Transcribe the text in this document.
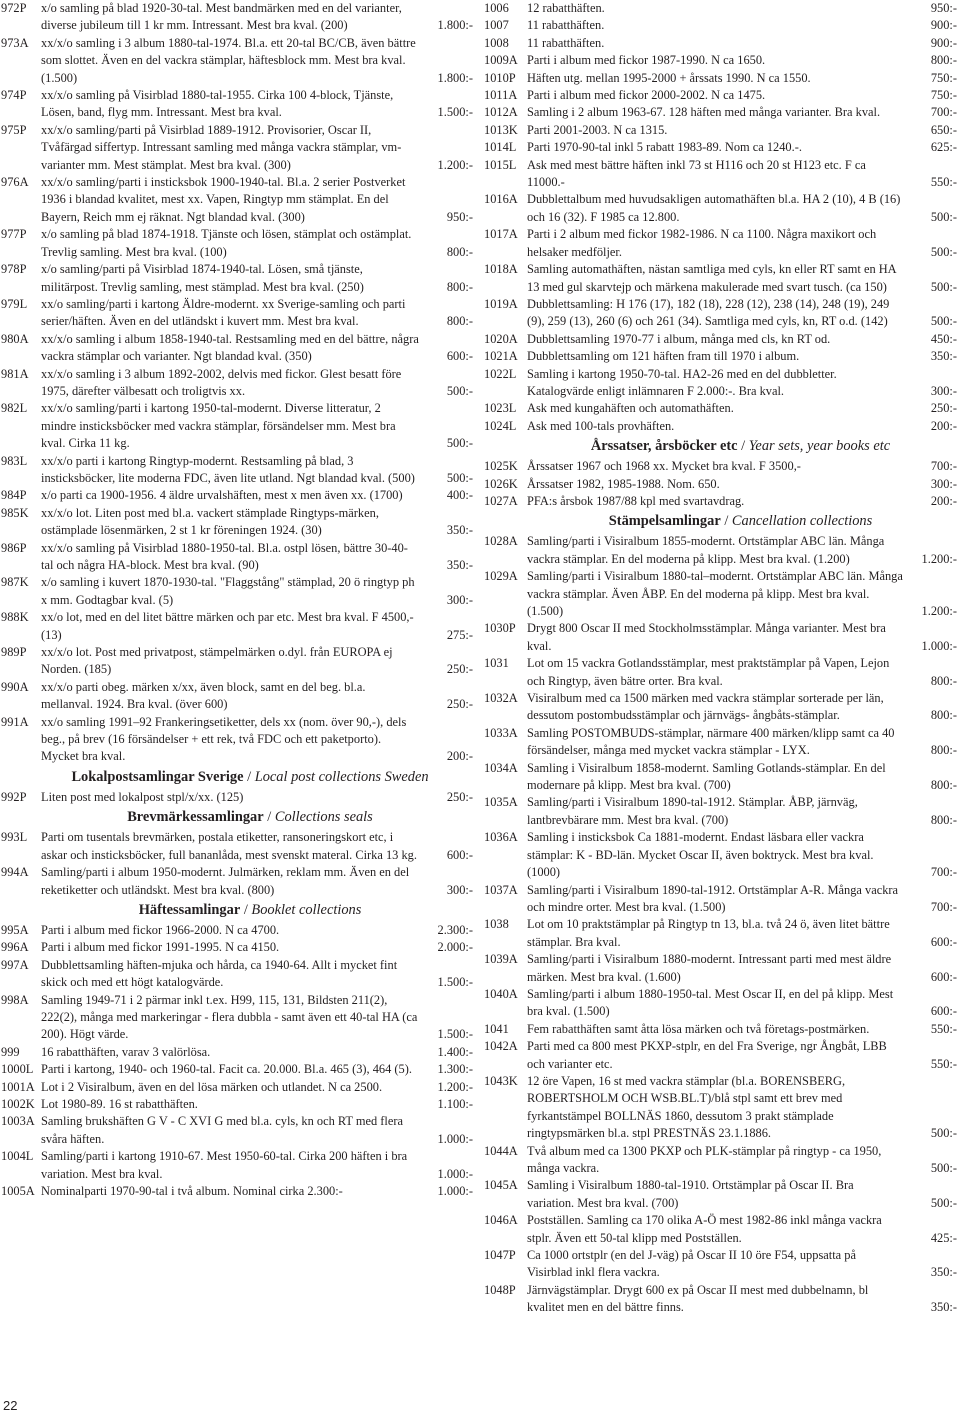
972P	x/o samling på blad 1920-30-tal. Mest bandmärken med en del varianter, diverse jubileum till 1 kr mm. Intressant. Mest bra kval. (200)	1.800:-
973A	xx/x/o samling i 3 album 1880-tal-1974. Bl.a. ett 20-tal BC/CB, även bättre som slottet. Även en del vackra stämplar, häftesblock mm. Mest bra kval. (1.500)	1.800:-
974P	xx/x/o samling på Visirblad 1880-tal-1955. Cirka 100 4-block, Tjänste, Lösen, band, flyg mm. Intressant. Mest bra kval.	1.500:-
975P	xx/x/o samling/parti på Visirblad 1889-1912. Provisorier, Oscar II, Tvåfärgad siffertyp. Intressant samling med många vackra stämplar, vm-varianter mm. Mest stämplat. Mest bra kval. (300)	1.200:-
976A	xx/x/o samling/parti i insticksbok 1900-1940-tal. Bl.a. 2 serier Postverket 1936 i blandad kvalitet, mest xx. Vapen, Ringtyp mm stämplat. En del Bayern, Reich mm ej räknat. Ngt blandad kval. (300)	950:-
977P	x/o samling på blad 1874-1918. Tjänste och lösen, stämplat och ostämplat. Trevlig samling. Mest bra kval. (100)	800:-
978P	x/o samling/parti på Visirblad 1874-1940-tal. Lösen, små tjänste, militärpost. Trevlig samling, mest stämplad. Mest bra kval. (250)	800:-
979L	xx/o samling/parti i kartong Äldre-modernt. xx Sverige-samling och parti serier/häften. Även en del utländskt i kuvert mm. Mest bra kval.	800:-
980A	xx/x/o samling i album 1858-1940-tal. Restsamling med en del bättre, några vackra stämplar och varianter. Ngt blandad kval. (350)	600:-
981A	xx/x/o samling i 3 album 1892-2002, delvis med fickor. Glest besatt före 1975, därefter välbesatt och troligtvis xx.	500:-
982L	xx/x/o samling/parti i kartong 1950-tal-modernt. Diverse litteratur, 2 mindre insticksböcker med vackra stämplar, försändelser mm. Mest bra kval. Cirka 11 kg.	500:-
983L	xx/x/o parti i kartong Ringtyp-modernt. Restsamling på blad, 3 insticksböcker, lite moderna FDC, även lite utland. Ngt blandad kval. (500)	500:-
984P	x/o parti ca 1900-1956. 4 äldre urvalshäften, mest x men även xx. (1700)	400:-
985K	xx/x/o lot. Liten post med bl.a. vackert stämplade Ringtyps-märken, ostämplade lösenmärken, 2 st 1 kr föreningen 1924. (30)	350:-
986P	xx/x/o samling på Visirblad 1880-1950-tal. Bl.a. ostpl lösen, bättre 30-40-tal och några HA-block. Mest bra kval. (90)	350:-
987K	x/o samling i kuvert 1870-1930-tal. "Flaggstång" stämplad, 20 ö ringtyp ph x mm. Godtagbar kval. (5)	300:-
988K	xx/o lot, med en del litet bättre märken och par etc. Mest bra kval. F 4500,- (13)	275:-
989P	xx/x/o lot. Post med privatpost, stämpelmärken o.dyl. från EUROPA ej Norden. (185)	250:-
990A	xx/x/o parti obeg. märken x/xx, även block, samt en del beg. bl.a. mellanval. 1924. Bra kval. (över 600)	250:-
991A	xx/o samling 1991–92 Frankeringsetiketter, dels xx (nom. över 90,-), dels beg., på brev (16 försändelser + ett rek, två FDC och ett paketporto). Mycket bra kval.	200:-
Lokalpostsamlingar Sverige / Local post collections Sweden
992P	Liten post med lokalpost stpl/x/xx. (125)	250:-
Brevmärkessamlingar / Collections seals
993L	Parti om tusentals brevmärken, postala etiketter, ransoneringskort etc, i askar och insticksböcker, full bananlåda, mest svenskt materal. Cirka 13 kg. 600:-
994A	Samling/parti i album 1950-modernt. Julmärken, reklam mm. Även en del reketiketter och utländskt. Mest bra kval. (800)	300:-
Häftessamlingar / Booklet collections
995A	Parti i album med fickor 1966-2000. N ca 4700.	2.300:-
996A	Parti i album med fickor 1991-1995. N ca 4150.	2.000:-
997A	Dubblettsamling häften-mjuka och hårda, ca 1940-64. Allt i mycket fint skick och med ett högt katalogvärde.	1.500:-
998A	Samling 1949-71 i 2 pärmar inkl t.ex. H99, 115, 131, Bildsten 211(2), 222(2), många med markeringar - flera dubbla - samt även ett 40-tal HA (ca 200). Högt värde.	1.500:-
999	16 rabatthäften, varav 3 valörlösa.	1.400:-
1000L Parti i kartong, 1940- och 1960-tal. Facit ca. 20.000. Bl.a. 465 (3), 464 (5). 1.300:-
1001A Lot i 2 Visiralbum, även en del lösa märken och utlandet. N ca 2500.	1.200:-
1002K Lot 1980-89. 16 st rabatthäften.	1.100:-
1003A Samling brukshäften G V - C XVI G med bl.a. cyls, kn och RT med flera svåra häften.	1.000:-
1004L Samling/parti i kartong 1910-67. Mest 1950-60-tal. Cirka 200 häften i bra variation. Mest bra kval.	1.000:-
1005A Nominalparti 1970-90-tal i två album. Nominal cirka 2.300:-	1.000:-
1006	12 rabatthäften.	950:-
1007	11 rabatthäften.	900:-
1008	11 rabatthäften.	900:-
1009A Parti i album med fickor 1987-1990. N ca 1650.	800:-
1010P Häften utg. mellan 1995-2000 + årssats 1990. N ca 1550.	750:-
1011A Parti i album med fickor 2000-2002. N ca 1475.	750:-
1012A Samling i 2 album 1963-67. 128 häften med många varianter. Bra kval.	700:-
1013K Parti 2001-2003. N ca 1315.	650:-
1014L Parti 1970-90-tal inkl 5 rabatt 1983-89. Nom ca 1240.-.	625:-
1015L Ask med mest bättre häften inkl 73 st H116 och 20 st H123 etc. F ca 11000.-	550:-
1016A Dubblettalbum med huvudsakligen automathäften bl.a. HA 2 (10), 4 B (16) och 16 (32). F 1985 ca 12.800.	500:-
1017A Parti i 2 album med fickor 1982-1986. N ca 1100. Några maxikort och helsaker medföljer.	500:-
1018A Samling automathäften, nästan samtliga med cyls, kn eller RT samt en HA 13 med gul skarvtejp och märkena makulerade med svart tusch. (ca 150)	500:-
1019A Dubblettsamling: H 176 (17), 182 (18), 228 (12), 238 (14), 248 (19), 249 (9), 259 (13), 260 (6) och 261 (34). Samtliga med cyls, kn, RT o.d. (142)	500:-
1020A Dubblettsamling 1970-77 i album, många med cls, kn RT od.	450:-
1021A Dubblettsamling om 121 häften fram till 1970 i album.	350:-
1022L Samling i kartong 1950-70-tal. HA2-26 med en del dubbletter. Katalogvärde enligt inlämnaren F 2.000:-. Bra kval.	300:-
1023L Ask med kungahäften och automathäften.	250:-
1024L Ask med 100-tals provhäften.	200:-
Årssatser, årsböcker etc / Year sets, year books etc
1025K Årssatser 1967 och 1968 xx. Mycket bra kval. F 3500,-	700:-
1026K Årssatser 1982, 1985-1988. Nom. 650.	300:-
1027A PFA:s årsbok 1987/88 kpl med svartavdrag.	200:-
Stämpelsamlingar / Cancellation collections
1028A Samling/parti i Visiralbum 1855-modernt. Ortstämplar ABC län. Många vackra stämplar. En del moderna på klipp. Mest bra kval. (1.200)	1.200:-
1029A Samling/parti i Visiralbum 1880-tal–modernt. Ortstämplar ABC län. Många vackra stämplar. Även ÅBP. En del moderna på klipp. Mest bra kval. (1.500)	1.200:-
1030P Drygt 800 Oscar II med Stockholmsstämplar. Många varianter. Mest bra kval.	1.000:-
1031	Lot om 15 vackra Gotlandsstämplar, mest praktstämplar på Vapen, Lejon och Ringtyp, även bätre orter. Bra kval.	800:-
1032A Visiralbum med ca 1500 märken med vackra stämplar sorterade per län, dessutom postombudsstämplar och järnvägs- ångbåts-stämplar.	800:-
1033A Samling POSTOMBUDS-stämplar, närmare 400 märken/klipp samt ca 40 försändelser, många med mycket vackra stämplar - LYX.	800:-
1034A Samling i Visiralbum 1858-modernt. Samling Gotlands-stämplar. En del modernare på klipp. Mest bra kval. (700)	800:-
1035A Samling/parti i Visiralbum 1890-tal-1912. Stämplar. ÅBP, järnväg, lantbrevbärare mm. Mest bra kval. (700)	800:-
1036A Samling i insticksbok Ca 1881-modernt. Endast läsbara eller vackra stämplar: K - BD-län. Mycket Oscar II, även boktryck. Mest bra kval. (1000)	700:-
1037A Samling/parti i Visiralbum 1890-tal-1912. Ortstämplar A-R. Många vackra och mindre orter. Mest bra kval. (1.500)	700:-
1038	Lot om 10 praktstämplar på Ringtyp tn 13, bl.a. två 24 ö, även litet bättre stämplar. Bra kval.	600:-
1039A Samling/parti i Visiralbum 1880-modernt. Intressant parti med mest äldre märken. Mest bra kval. (1.600)	600:-
1040A Samling/parti i album 1880-1950-tal. Mest Oscar II, en del på klipp. Mest bra kval. (1.500)	600:-
1041	Fem rabatthäften samt åtta lösa märken och två företags-postmärken.	550:-
1042A Parti med ca 800 mest PKXP-stplr, en del Fra Sverige, ngr Ångbåt, LBB och varianter etc.	550:-
1043K 12 öre Vapen, 16 st med vackra stämplar (bl.a. BORENSBERG, ROBERTSHOLM OCH WSB.BL.T)/blå stpl samt ett brev med fyrkantstämpel BOLLNÄS 1860, dessutom 3 prakt stämplade ringtypsmärken bl.a. stpl PRESTNÄS 23.1.1886.	500:-
1044A Två album med ca 1300 PKXP och PLK-stämplar på ringtyp - ca 1950, många vackra.	500:-
1045A Samling i Visiralbum 1880-tal-1910. Ortstämplar på Oscar II. Bra variation. Mest bra kval. (700)	500:-
1046A Postställen. Samling ca 170 olika A-Ö mest 1982-86 inkl många vackra stplr. Även ett 50-tal klipp med Postställen.	425:-
1047P Ca 1000 ortstplr (en del J-väg) på Oscar II 10 öre F54, uppsatta på Visirblad inkl flera vackra.	350:-
1048P Järnvägstämplar. Drygt 600 ex på Oscar II mest med dubbelnamn, bl kvalitet men en del bättre finns.	350:-
22
